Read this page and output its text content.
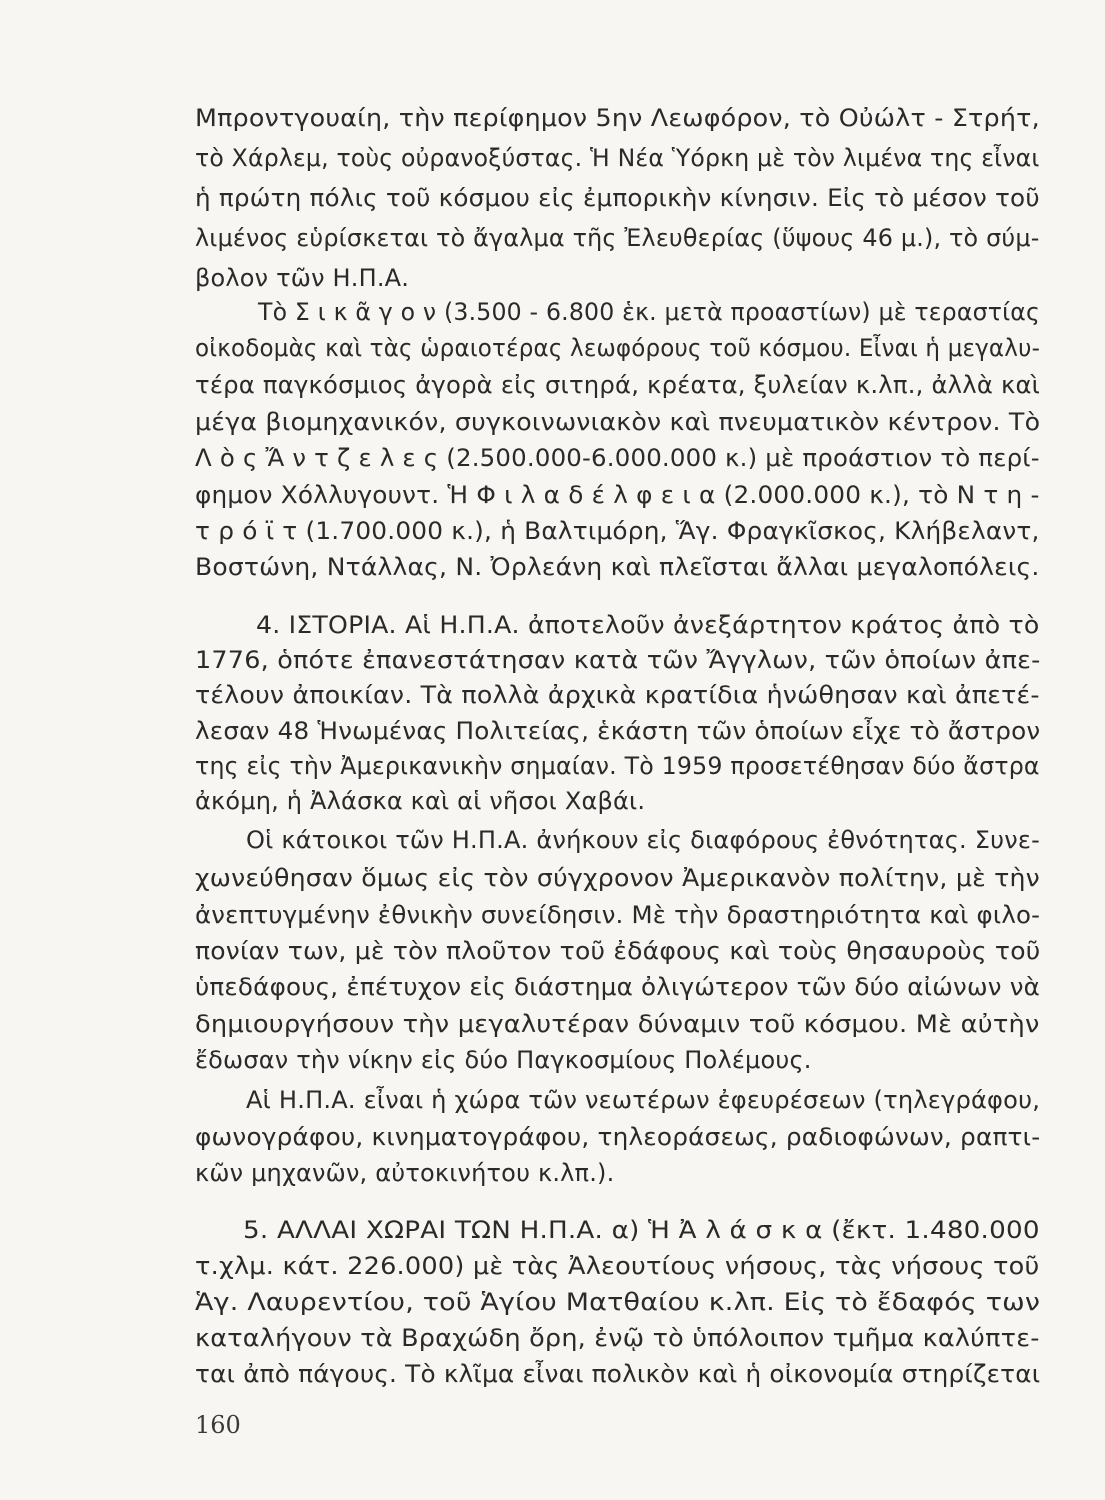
Μπροντγουαίη, τὴν περίφημον 5ην Λεωφόρον, τὸ Οὐώλτ - Στρήτ,
τὸ Χάρλεμ, τοὺς οὐρανοξύστας. Ἡ Νέα Ὑόρκη μὲ τὸν λιμένα της εἶναι
ἡ πρώτη πόλις τοῦ κόσμου εἰς ἐμπορικὴν κίνησιν. Εἰς τὸ μέσον τοῦ
λιμένος εὑρίσκεται τὸ ἄγαλμα τῆς Ἐλευθερίας (ὕψους 46 μ.), τὸ σύμ-
βολον τῶν Η.Π.Α.
Τὸ Σ ι κ ᾶ γ ο ν (3.500 - 6.800 ἑκ. μετὰ προαστίων) μὲ τεραστίας
οἰκοδομὰς καὶ τὰς ὡραιοτέρας λεωφόρους τοῦ κόσμου. Εἶναι ἡ μεγαλυ-
τέρα παγκόσμιος ἀγορὰ εἰς σιτηρά, κρέατα, ξυλείαν κ.λπ., ἀλλὰ καὶ
μέγα βιομηχανικόν, συγκοινωνιακὸν καὶ πνευματικὸν κέντρον. Τὸ
Λ ὸ ς Ἄ ν τ ζ ε λ ε ς (2.500.000-6.000.000 κ.) μὲ προάστιον τὸ περί-
φημον Χόλλυγουντ. Ἡ Φ ι λ α δ έ λ φ ε ι α (2.000.000 κ.), τὸ Ν τ η -
τ ρ ό ϊ τ (1.700.000 κ.), ἡ Βαλτιμόρη, Ἅγ. Φραγκῖσκος, Κλήβελαντ,
Βοστώνη, Ντάλλας, Ν. Ὀρλεάνη καὶ πλεῖσται ἄλλαι μεγαλοπόλεις.
4. ΙΣΤΟΡΙΑ. Αἱ Η.Π.Α. ἀποτελοῦν ἀνεξάρτητον κράτος ἀπὸ τὸ
1776, ὁπότε ἐπανεστάτησαν κατὰ τῶν Ἄγγλων, τῶν ὁποίων ἀπε-
τέλουν ἀποικίαν. Τὰ πολλὰ ἀρχικὰ κρατίδια ἡνώθησαν καὶ ἀπετέ-
λεσαν 48 Ἡνωμένας Πολιτείας, ἑκάστη τῶν ὁποίων εἶχε τὸ ἄστρον
της εἰς τὴν Ἀμερικανικὴν σημαίαν. Τὸ 1959 προσετέθησαν δύο ἄστρα
ἀκόμη, ἡ Ἀλάσκα καὶ αἱ νῆσοι Χαβάι.
Οἱ κάτοικοι τῶν Η.Π.Α. ἀνήκουν εἰς διαφόρους ἐθνότητας. Συνε-
χωνεύθησαν ὅμως εἰς τὸν σύγχρονον Ἀμερικανὸν πολίτην, μὲ τὴν
ἀνεπτυγμένην ἐθνικὴν συνείδησιν. Μὲ τὴν δραστηριότητα καὶ φιλο-
πονίαν των, μὲ τὸν πλοῦτον τοῦ ἐδάφους καὶ τοὺς θησαυροὺς τοῦ
ὑπεδάφους, ἐπέτυχον εἰς διάστημα ὀλιγώτερον τῶν δύο αἰώνων νὰ
δημιουργήσουν τὴν μεγαλυτέραν δύναμιν τοῦ κόσμου. Μὲ αὐτὴν
ἔδωσαν τὴν νίκην εἰς δύο Παγκοσμίους Πολέμους.
Αἱ Η.Π.Α. εἶναι ἡ χώρα τῶν νεωτέρων ἐφευρέσεων (τηλεγράφου,
φωνογράφου, κινηματογράφου, τηλεοράσεως, ραδιοφώνων, ραπτι-
κῶν μηχανῶν, αὐτοκινήτου κ.λπ.).
5. ΑΛΛΑΙ ΧΩΡΑΙ ΤΩΝ Η.Π.Α. α) Ἡ Ἀ λ ά σ κ α (ἔκτ. 1.480.000
τ.χλμ. κάτ. 226.000) μὲ τὰς Ἀλεουτίους νήσους, τὰς νήσους τοῦ
Ἁγ. Λαυρεντίου, τοῦ Ἁγίου Ματθαίου κ.λπ. Εἰς τὸ ἔδαφός των
καταλήγουν τὰ Βραχώδη ὄρη, ἐνῷ τὸ ὑπόλοιπον τμῆμα καλύπτε-
ται ἀπὸ πάγους. Τὸ κλῖμα εἶναι πολικὸν καὶ ἡ οἰκονομία στηρίζεται
160
